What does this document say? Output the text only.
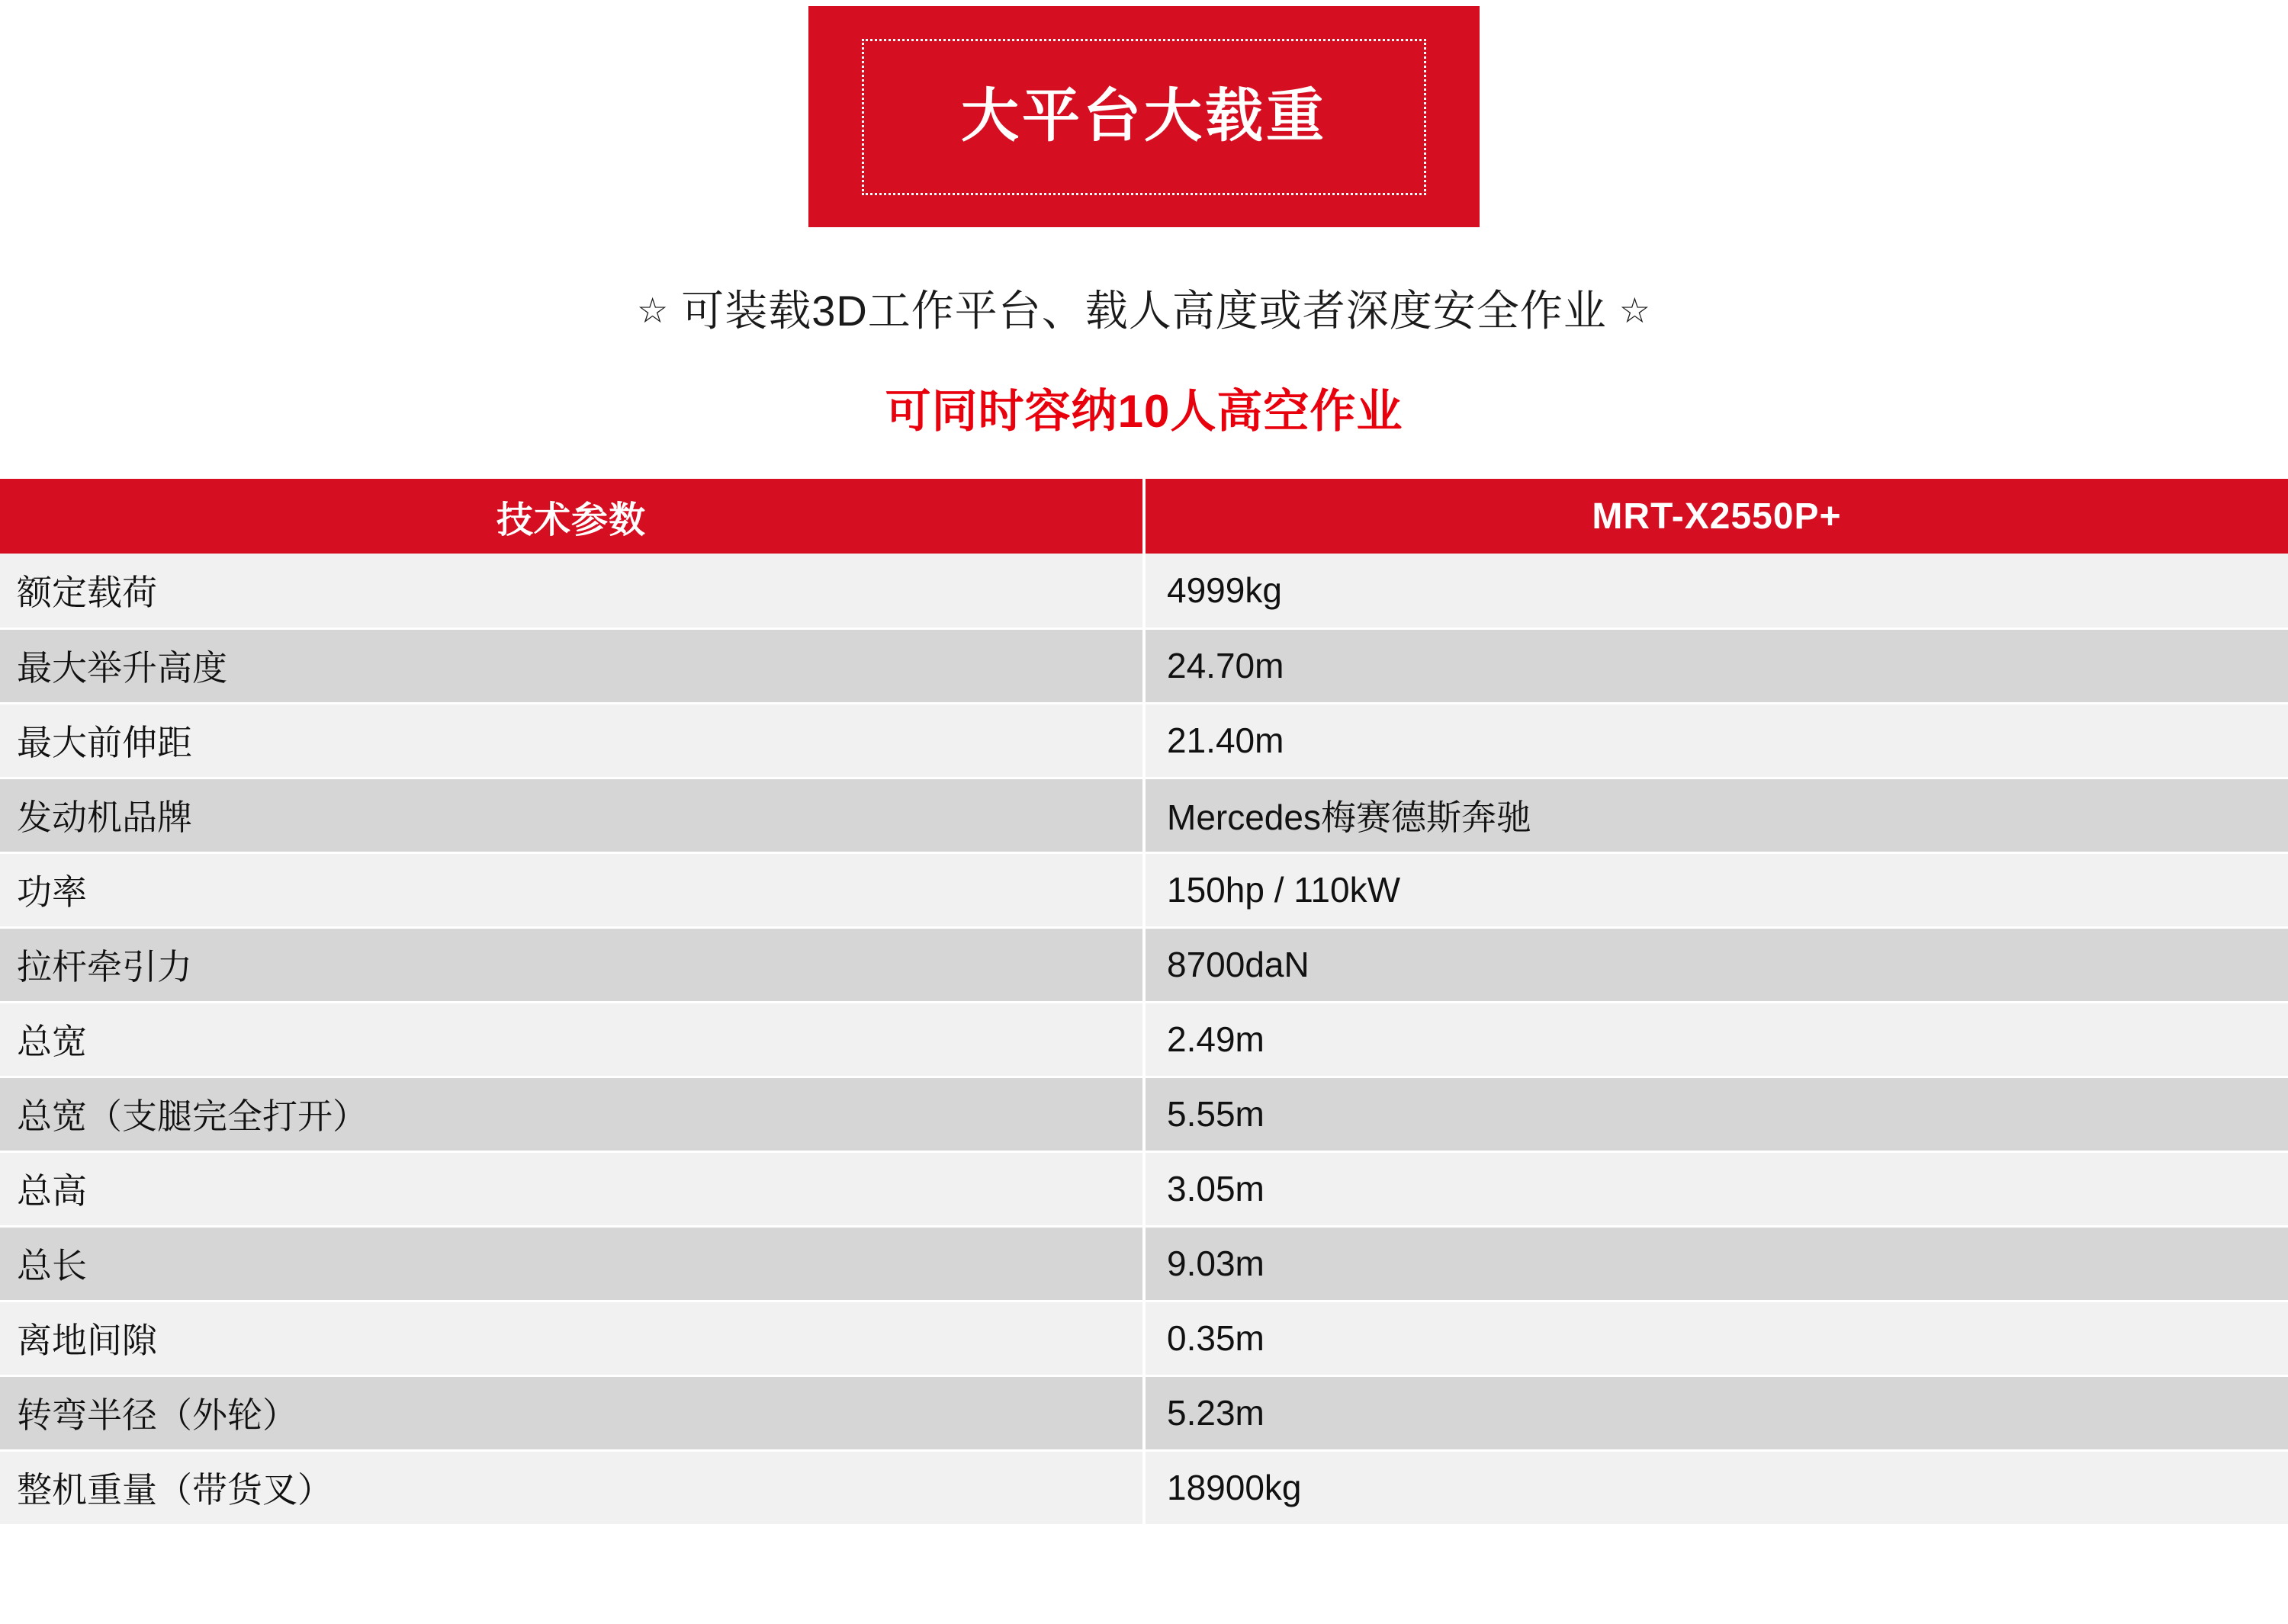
大平台大载重
☆ 可装载3D工作平台、载人高度或者深度安全作业 ☆
可同时容纳10人高空作业
技术参数	MRT-X2550P+
额定载荷	4999kg
最大举升高度	24.70m
最大前伸距	21.40m
发动机品牌	Mercedes梅赛德斯奔驰
功率	150hp / 110kW
拉杆牵引力	8700daN
总宽	2.49m
总宽（支腿完全打开）	5.55m
总高	3.05m
总长	9.03m
离地间隙	0.35m
转弯半径（外轮）	5.23m
整机重量（带货叉）	18900kg
